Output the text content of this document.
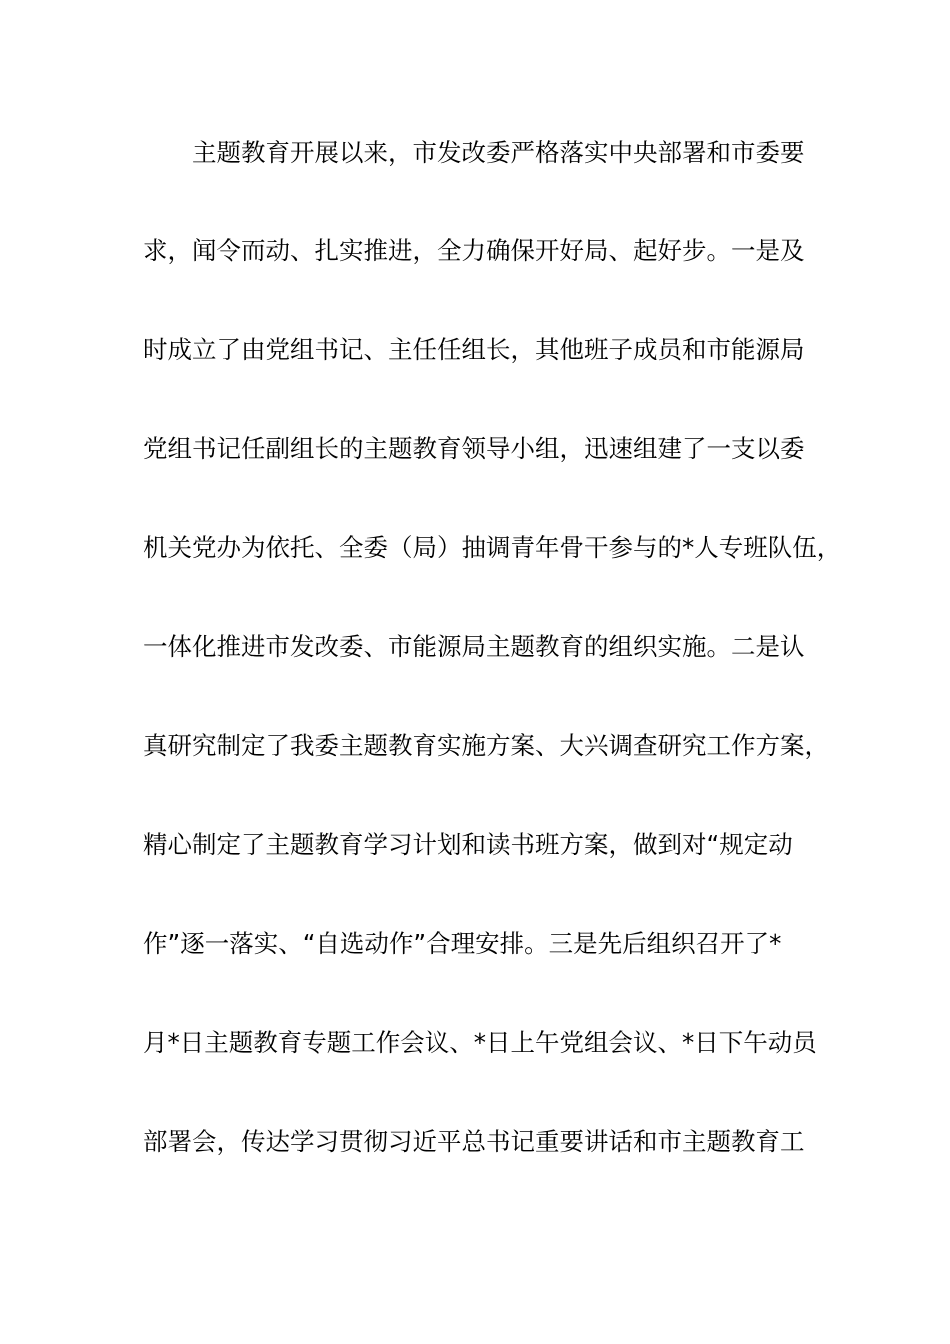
主题教育开展以来，市发改委严格落实中央部署和市委要
求，闻令而动、扎实推进，全力确保开好局、起好步。一是及
时成立了由党组书记、主任任组长，其他班子成员和市能源局
党组书记任副组长的主题教育领导小组，迅速组建了一支以委
机关党办为依托、全委（局）抽调青年骨干参与的*人专班队伍，
一体化推进市发改委、市能源局主题教育的组织实施。二是认
真研究制定了我委主题教育实施方案、大兴调查研究工作方案，
精心制定了主题教育学习计划和读书班方案，做到对“规定动
作”逐一落实、“自选动作”合理安排。三是先后组织召开了*
月*日主题教育专题工作会议、*日上午党组会议、*日下午动员
部署会，传达学习贯彻习近平总书记重要讲话和市主题教育工
